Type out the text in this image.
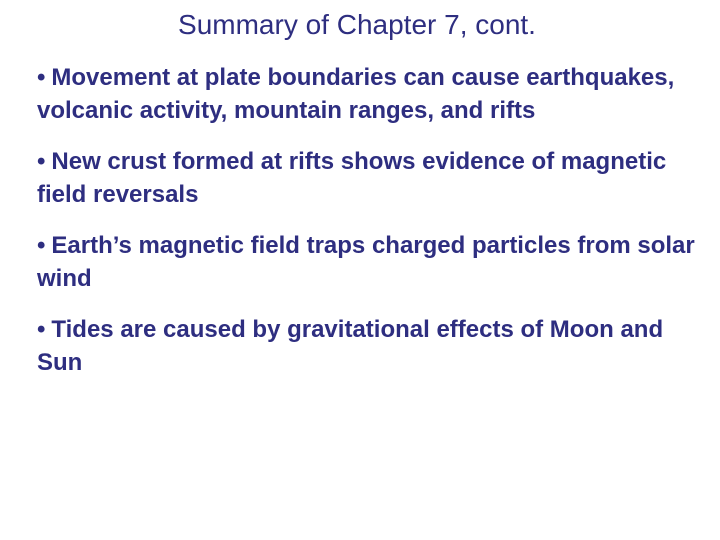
Summary of Chapter 7, cont.
• Movement at plate boundaries can cause earthquakes, volcanic activity, mountain ranges, and rifts
• New crust formed at rifts shows evidence of magnetic field reversals
• Earth’s magnetic field traps charged particles from solar wind
• Tides are caused by gravitational effects of Moon and Sun
